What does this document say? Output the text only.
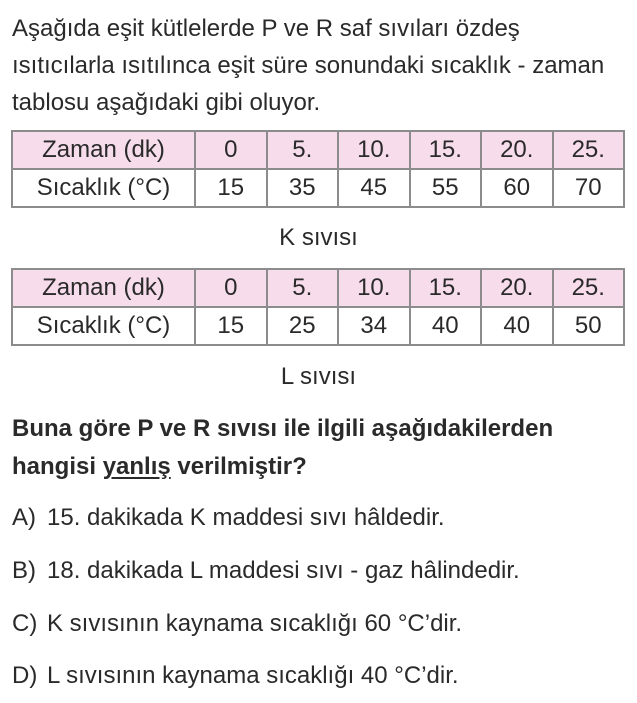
Aşağıda eşit kütlelerde P ve R saf sıvıları özdeş ısıtıcılarla ısıtılınca eşit süre sonundaki sıcaklık - zaman tablosu aşağıdaki gibi oluyor.

Zaman (dk)	0	5.	10.	15.	20.	25.
Sıcaklık (°C)	15	35	45	55	60	70

K sıvısı

Zaman (dk)	0	5.	10.	15.	20.	25.
Sıcaklık (°C)	15	25	34	40	40	50

L sıvısı

Buna göre P ve R sıvısı ile ilgili aşağıdakilerden hangisi yanlış verilmiştir?

A) 15. dakikada K maddesi sıvı hâldedir.

B) 18. dakikada L maddesi sıvı - gaz hâlindedir.

C) K sıvısının kaynama sıcaklığı 60 °C’dir.

D) L sıvısının kaynama sıcaklığı 40 °C’dir.
